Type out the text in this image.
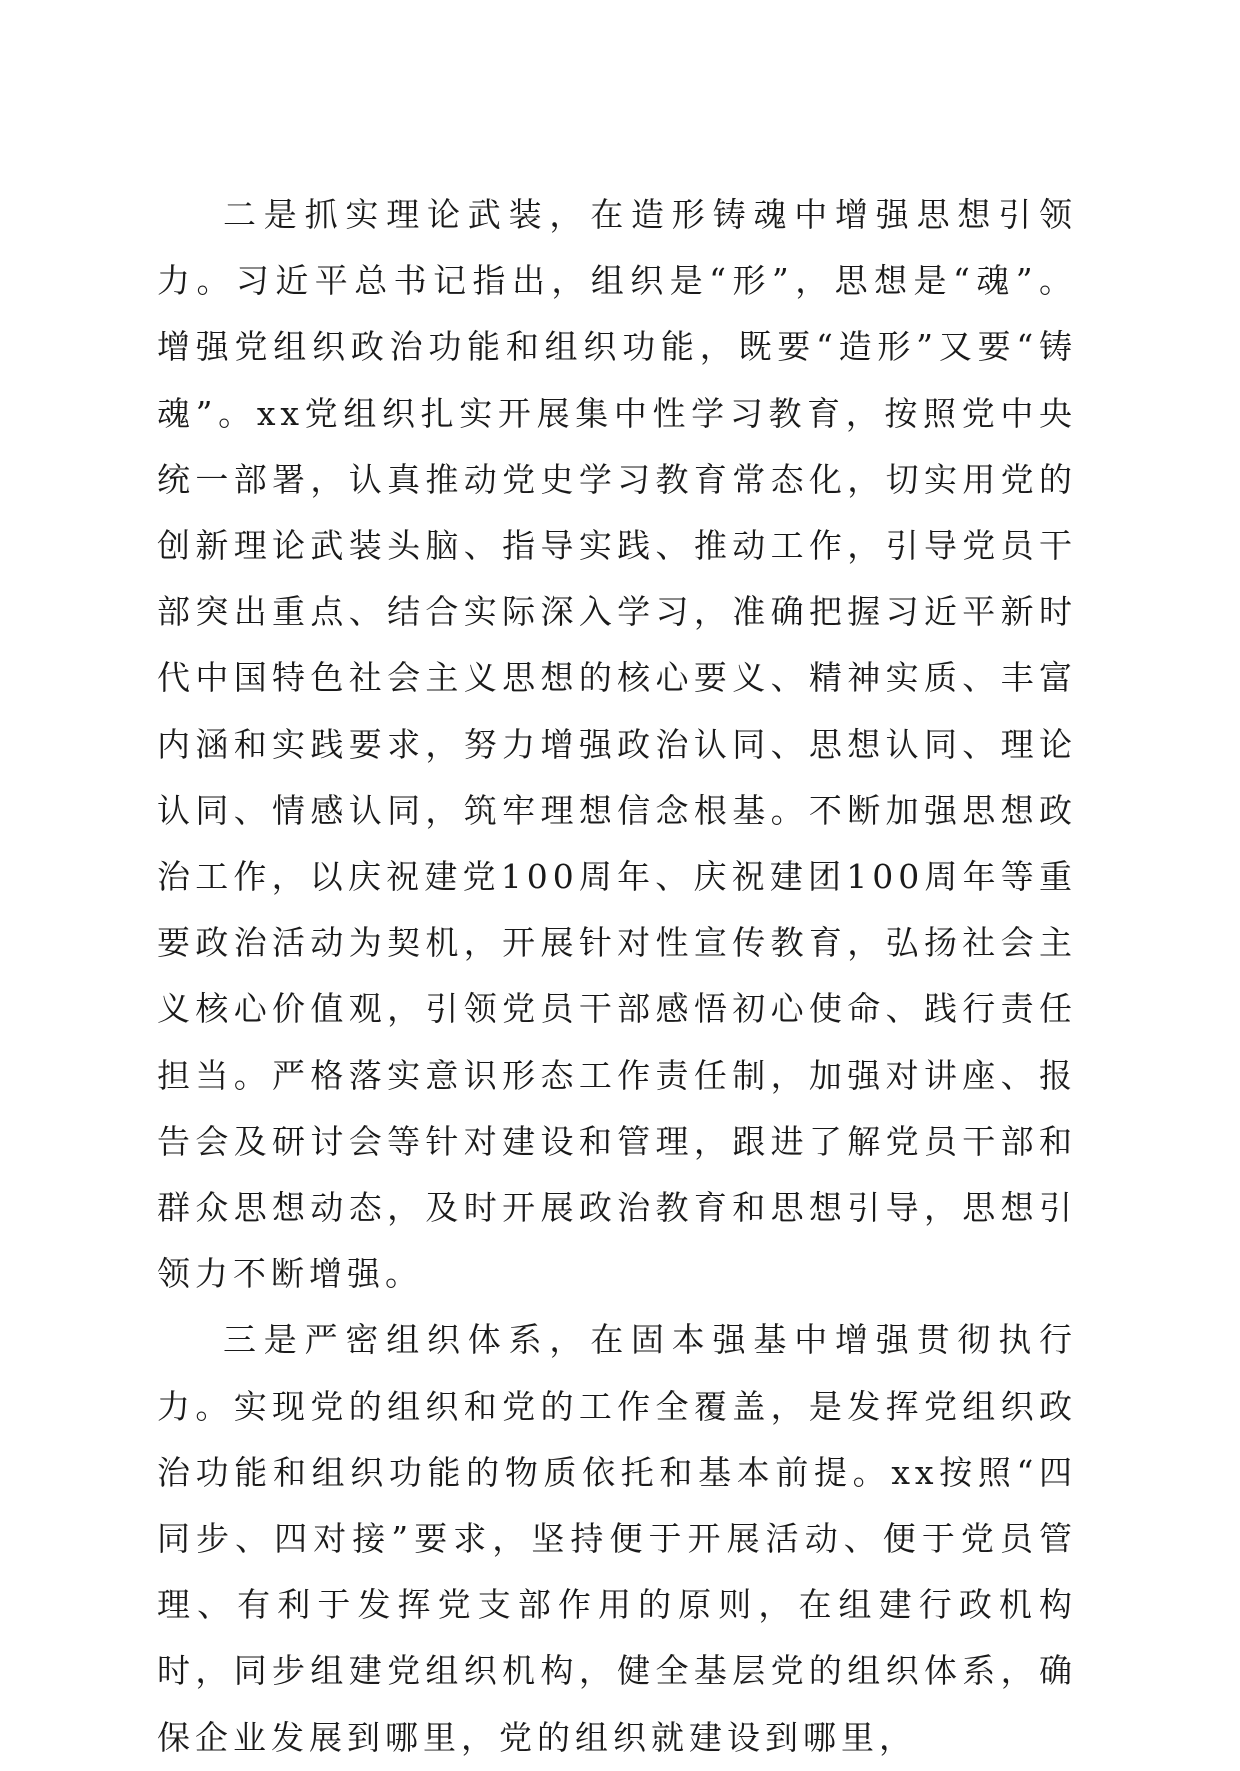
二是抓实理论武装，在造形铸魂中增强思想引领力。习近平总书记指出，组织是“形”，思想是“魂”。增强党组织政治功能和组织功能，既要“造形”又要“铸魂”。xx党组织扎实开展集中性学习教育，按照党中央统一部署，认真推动党史学习教育常态化，切实用党的创新理论武装头脑、指导实践、推动工作，引导党员干部突出重点、结合实际深入学习，准确把握习近平新时代中国特色社会主义思想的核心要义、精神实质、丰富内涵和实践要求，努力增强政治认同、思想认同、理论认同、情感认同，筑牢理想信念根基。不断加强思想政治工作，以庆祝建党100周年、庆祝建团100周年等重要政治活动为契机，开展针对性宣传教育，弘扬社会主义核心价值观，引领党员干部感悟初心使命、践行责任担当。严格落实意识形态工作责任制，加强对讲座、报告会及研讨会等针对建设和管理，跟进了解党员干部和群众思想动态，及时开展政治教育和思想引导，思想引领力不断增强。

三是严密组织体系，在固本强基中增强贯彻执行力。实现党的组织和党的工作全覆盖，是发挥党组织政治功能和组织功能的物质依托和基本前提。xx按照“四同步、四对接”要求，坚持便于开展活动、便于党员管理、有利于发挥党支部作用的原则，在组建行政机构时，同步组建党组织机构，健全基层党的组织体系，确保企业发展到哪里，党的组织就建设到哪里，
